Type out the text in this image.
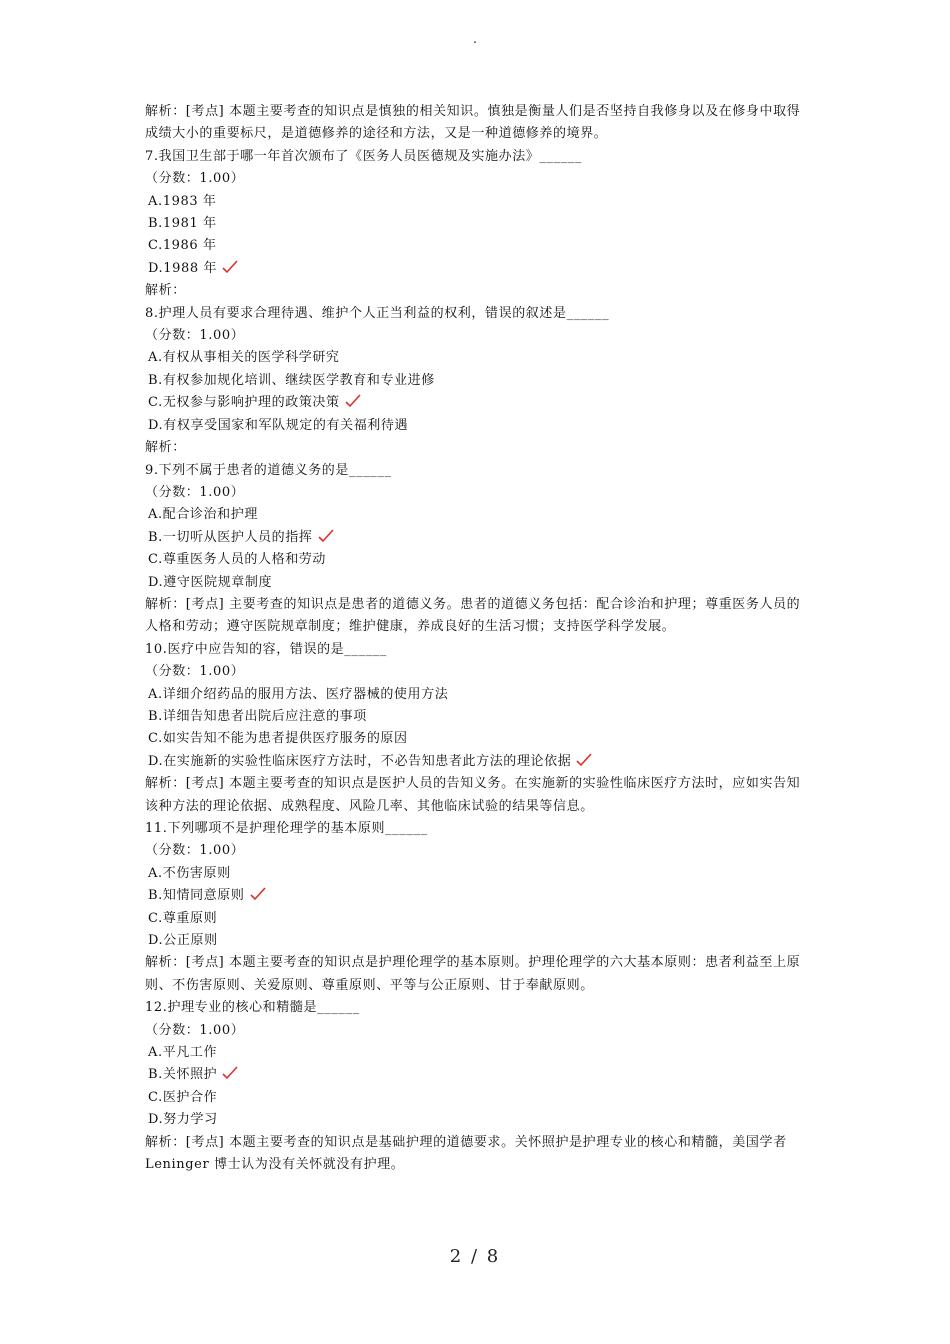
.
解析：[考点] 本题主要考查的知识点是慎独的相关知识。慎独是衡量人们是否坚持自我修身以及在修身中取得成绩大小的重要标尺，是道德修养的途径和方法，又是一种道德修养的境界。
7.我国卫生部于哪一年首次颁布了《医务人员医德规及实施办法》______
（分数：1.00）
A.1983 年
B.1981 年
C.1986 年
D.1988 年
解析：
8.护理人员有要求合理待遇、维护个人正当利益的权利，错误的叙述是______
（分数：1.00）
A.有权从事相关的医学科学研究
B.有权参加规化培训、继续医学教育和专业进修
C.无权参与影响护理的政策决策
D.有权享受国家和军队规定的有关福利待遇
解析：
9.下列不属于患者的道德义务的是______
（分数：1.00）
A.配合诊治和护理
B.一切听从医护人员的指挥
C.尊重医务人员的人格和劳动
D.遵守医院规章制度
解析：[考点] 主要考查的知识点是患者的道德义务。患者的道德义务包括：配合诊治和护理；尊重医务人员的人格和劳动；遵守医院规章制度；维护健康，养成良好的生活习惯；支持医学科学发展。
10.医疗中应告知的容，错误的是______
（分数：1.00）
A.详细介绍药品的服用方法、医疗器械的使用方法
B.详细告知患者出院后应注意的事项
C.如实告知不能为患者提供医疗服务的原因
D.在实施新的实验性临床医疗方法时，不必告知患者此方法的理论依据
解析：[考点] 本题主要考查的知识点是医护人员的告知义务。在实施新的实验性临床医疗方法时，应如实告知该种方法的理论依据、成熟程度、风险几率、其他临床试验的结果等信息。
11.下列哪项不是护理伦理学的基本原则______
（分数：1.00）
A.不伤害原则
B.知情同意原则
C.尊重原则
D.公正原则
解析：[考点] 本题主要考查的知识点是护理伦理学的基本原则。护理伦理学的六大基本原则：患者利益至上原则、不伤害原则、关爱原则、尊重原则、平等与公正原则、甘于奉献原则。
12.护理专业的核心和精髓是______
（分数：1.00）
A.平凡工作
B.关怀照护
C.医护合作
D.努力学习
解析：[考点] 本题主要考查的知识点是基础护理的道德要求。关怀照护是护理专业的核心和精髓，美国学者 Leninger 博士认为没有关怀就没有护理。
2 / 8
